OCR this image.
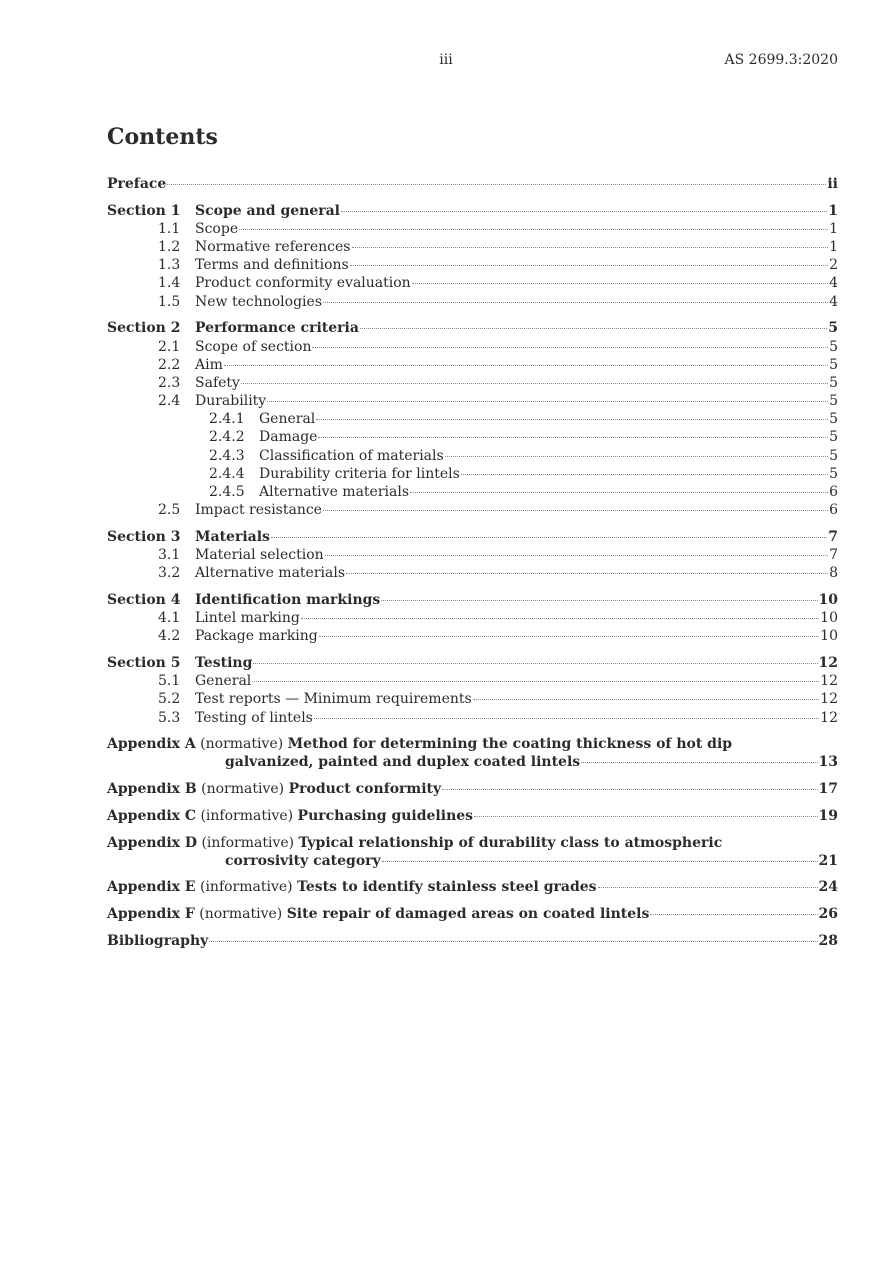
iii	AS 2699.3:2020
Contents
Preface	ii
Section 1	Scope and general	1
1.1	Scope	1
1.2	Normative references	1
1.3	Terms and definitions	2
1.4	Product conformity evaluation	4
1.5	New technologies	4
Section 2	Performance criteria	5
2.1	Scope of section	5
2.2	Aim	5
2.3	Safety	5
2.4	Durability	5
2.4.1	General	5
2.4.2	Damage	5
2.4.3	Classification of materials	5
2.4.4	Durability criteria for lintels	5
2.4.5	Alternative materials	6
2.5	Impact resistance	6
Section 3	Materials	7
3.1	Material selection	7
3.2	Alternative materials	8
Section 4	Identification markings	10
4.1	Lintel marking	10
4.2	Package marking	10
Section 5	Testing	12
5.1	General	12
5.2	Test reports — Minimum requirements	12
5.3	Testing of lintels	12
Appendix A (normative) Method for determining the coating thickness of hot dip
galvanized, painted and duplex coated lintels	13
Appendix B (normative) Product conformity	17
Appendix C (informative) Purchasing guidelines	19
Appendix D (informative) Typical relationship of durability class to atmospheric
corrosivity category	21
Appendix E (informative) Tests to identify stainless steel grades	24
Appendix F (normative) Site repair of damaged areas on coated lintels	26
Bibliography	28
